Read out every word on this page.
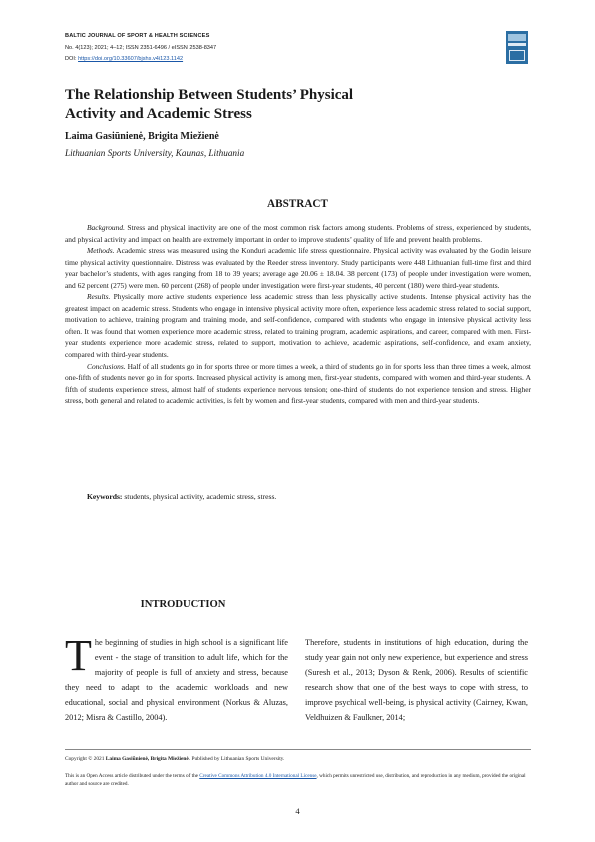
BALTIC JOURNAL OF SPORT & HEALTH SCIENCES
No. 4(123); 2021; 4–12; ISSN 2351-6496 / eISSN 2538-8347
DOI: https://doi.org/10.33607/bjshs.v4i123.1142
The Relationship Between Students’ Physical
Activity and Academic Stress
Laima Gasiūnienė, Brigita Miežienė
Lithuanian Sports University, Kaunas, Lithuania
ABSTRACT

Background. Stress and physical inactivity are one of the most common risk factors among students. Problems of stress, experienced by students, and physical activity and impact on health are extremely important in order to improve students’ quality of life and prevent health problems.

Methods. Academic stress was measured using the Konduri academic life stress questionnaire. Physical activity was evaluated by the Godin leisure time physical activity questionnaire. Distress was evaluated by the Reeder stress inventory. Study participants were 448 Lithuanian full-time first and third year bachelor’s students, with ages ranging from 18 to 39 years; average age 20.06 ± 18.04. 38 percent (173) of people under investigation were women, and 62 percent (275) were men. 60 percent (268) of people under investigation were first-year students, 40 percent (180) were third-year students.

Results. Physically more active students experience less academic stress than less physically active students. Intense physical activity has the greatest impact on academic stress. Students who engage in intensive physical activity more often, experience less academic stress related to social support, motivation to achieve, training program and training mode, and self-confidence, compared with students who engage in intensive physical activity less often. It was found that women experience more academic stress, related to training program, academic aspirations, and career, compared with men. First-year students experience more academic stress, related to support, motivation to achieve, academic aspirations, self-confidence, and exam anxiety, compared with third-year students.

Conclusions. Half of all students go in for sports three or more times a week, a third of students go in for sports less than three times a week, almost one-fifth of students never go in for sports. Increased physical activity is among men, first-year students, compared with women and third-year students. A fifth of students experience stress, almost half of students experience nervous tension; one-third of students do not experience tension and stress. Higher stress, both general and related to academic activities, is felt by women and first-year students, compared with men and third-year students.

Keywords: students, physical activity, academic stress, stress.
INTRODUCTION

The beginning of studies in high school is a significant life event - the stage of transition to adult life, which for the majority of people is full of anxiety and stress, because they need to adapt to the academic workloads and new educational, social and physical environment (Norkus & Aluzas, 2012; Misra & Castillo, 2004).

Therefore, students in institutions of high education, during the study year gain not only new experience, but experience and stress (Suresh et al., 2013; Dyson & Renk, 2006). Results of scientific research show that one of the best ways to cope with stress, to improve psychical well-being, is physical activity (Cairney, Kwan, Veldhuizen & Faulkner, 2014;

Copyright © 2021 Laima Gasiūnienė, Brigita Miežienė. Published by Lithuanian Sports University.
This is an Open Access article distributed under the terms of the Creative Commons Attribution 4.0 International License, which permits unrestricted use, distribution, and reproduction in any medium, provided the original author and source are credited.
4
